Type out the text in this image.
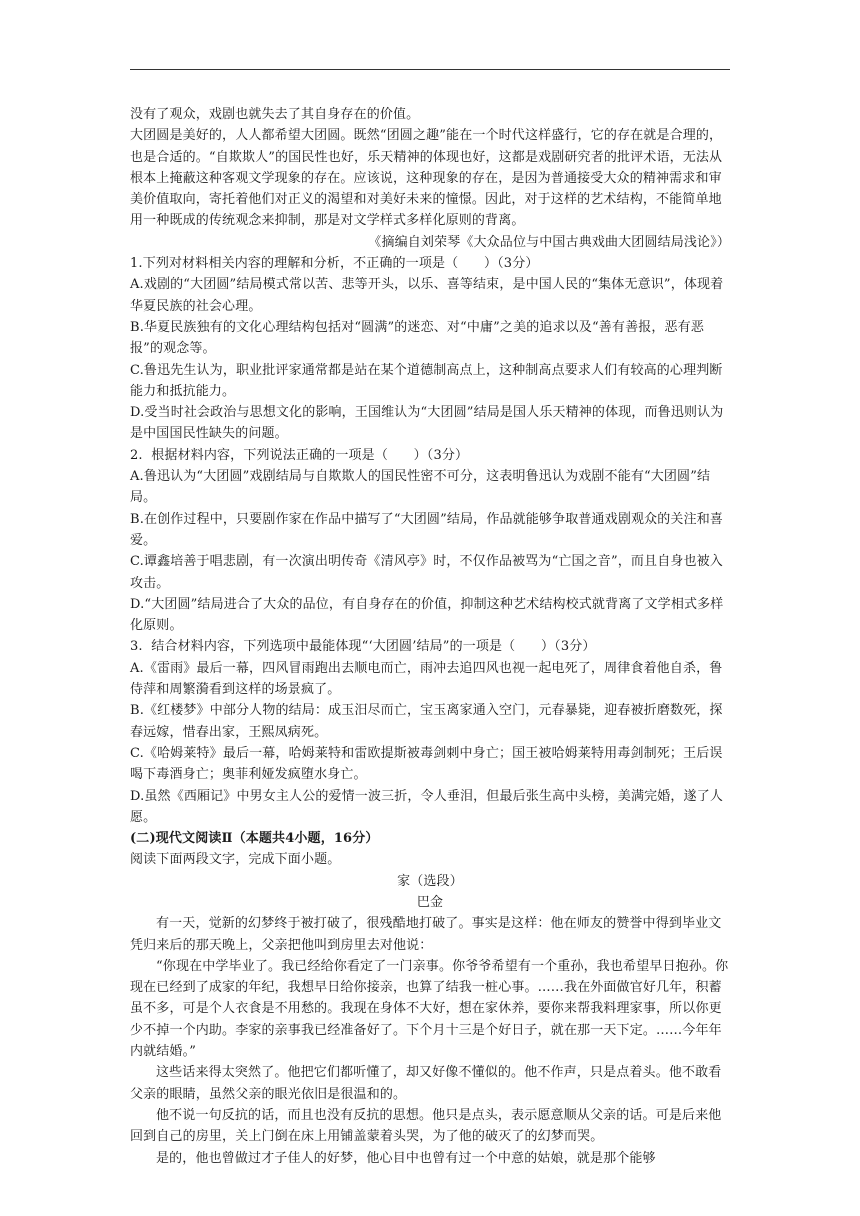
没有了观众，戏剧也就失去了其自身存在的价值。

大团圆是美好的，人人都希望大团圆。既然“团圆之趣”能在一个时代这样盛行，它的存在就是合理的，也是合适的。“自欺欺人”的国民性也好，乐天精神的体现也好，这都是戏剧研究者的批评术语，无法从根本上掩蔽这种客观文学现象的存在。应该说，这种现象的存在，是因为普通接受大众的精神需求和审美价值取向，寄托着他们对正义的渴望和对美好未来的憧憬。因此，对于这样的艺术结构，不能简单地用一种既成的传统观念来抑制，那是对文学样式多样化原则的背离。

《摘编自刘荣琴《大众品位与中国古典戏曲大团圆结局浅论》）

1.下列对材料相关内容的理解和分析，不正确的一项是（      ）（3分）

A.戏剧的“大团圆”结局模式常以苦、悲等开头，以乐、喜等结束，是中国人民的“集体无意识”，体现着华夏民族的社会心理。

B.华夏民族独有的文化心理结构包括对“圆满”的迷恋、对“中庸”之美的追求以及“善有善报，恶有恶报”的观念等。

C.鲁迅先生认为，职业批评家通常都是站在某个道德制高点上，这种制高点要求人们有较高的心理判断能力和抵抗能力。

D.受当时社会政治与思想文化的影响，王国维认为“大团圆”结局是国人乐天精神的体现，而鲁迅则认为是中国国民性缺失的问题。

2.  根据材料内容，下列说法正确的一项是（      ）（3分）

A.鲁迅认为“大团圆”戏剧结局与自欺欺人的国民性密不可分，这表明鲁迅认为戏剧不能有“大团圆”结局。

B.在创作过程中，只要剧作家在作品中描写了“大团圆”结局，作品就能够争取普通戏剧观众的关注和喜爱。

C.谭鑫培善于唱悲剧，有一次演出明传奇《清风亭》时，不仅作品被骂为“亡国之音”，而且自身也被入攻击。

D.“大团圆”结局进合了大众的品位，有自身存在的价值，抑制这种艺术结构校式就背离了文学相式多样化原则。

3.  结合材料内容，下列选项中最能体现“‘大团圆’结局”的一项是（      ）（3分）

A.《雷雨》最后一幕，四风冒雨跑出去顺电而亡，雨冲去追四风也视一起电死了，周律食着他自杀，鲁侍萍和周繁漪看到这样的场景疯了。

B.《红楼梦》中部分人物的结局：成玉汨尽而亡，宝玉离家通入空门，元春暴毙，迎春被折磨数死，探春远嫁，惜春出家，王熙凤病死。

C.《哈姆莱特》最后一幕，哈姆莱特和雷欧提斯被毒剑刺中身亡；国王被哈姆莱特用毒剑制死；王后误喝下毒酒身亡；奥菲利娅发疯堕水身亡。

D.虽然《西厢记》中男女主人公的爱情一波三折，令人垂泪，但最后张生高中头榜，美满完婚，遂了人愿。

(二)现代文阅读Ⅱ（本题共4小题，16分）

阅读下面两段文字，完成下面小题。

家（选段）

巴金

有一天，觉新的幻梦终于被打破了，很残酷地打破了。事实是这样：他在师友的赞誉中得到毕业文凭归来后的那天晚上，父亲把他叫到房里去对他说：

“你现在中学毕业了。我已经给你看定了一门亲事。你爷爷希望有一个重孙，我也希望早日抱孙。你现在已经到了成家的年纪，我想早日给你接亲，也算了结我一桩心事。……我在外面做官好几年，积蓄虽不多，可是个人衣食是不用愁的。我现在身体不大好，想在家休养，要你来帮我料理家事，所以你更少不掉一个内助。李家的亲事我已经准备好了。下个月十三是个好日子，就在那一天下定。……今年年内就结婚。”

这些话来得太突然了。他把它们都听懂了，却又好像不懂似的。他不作声，只是点着头。他不敢看父亲的眼睛，虽然父亲的眼光依旧是很温和的。

他不说一句反抗的话，而且也没有反抗的思想。他只是点头，表示愿意顺从父亲的话。可是后来他回到自己的房里，关上门倒在床上用铺盖蒙着头哭，为了他的破灭了的幻梦而哭。

是的，他也曾做过才子佳人的好梦，他心目中也曾有过一个中意的姑娘，就是那个能够
